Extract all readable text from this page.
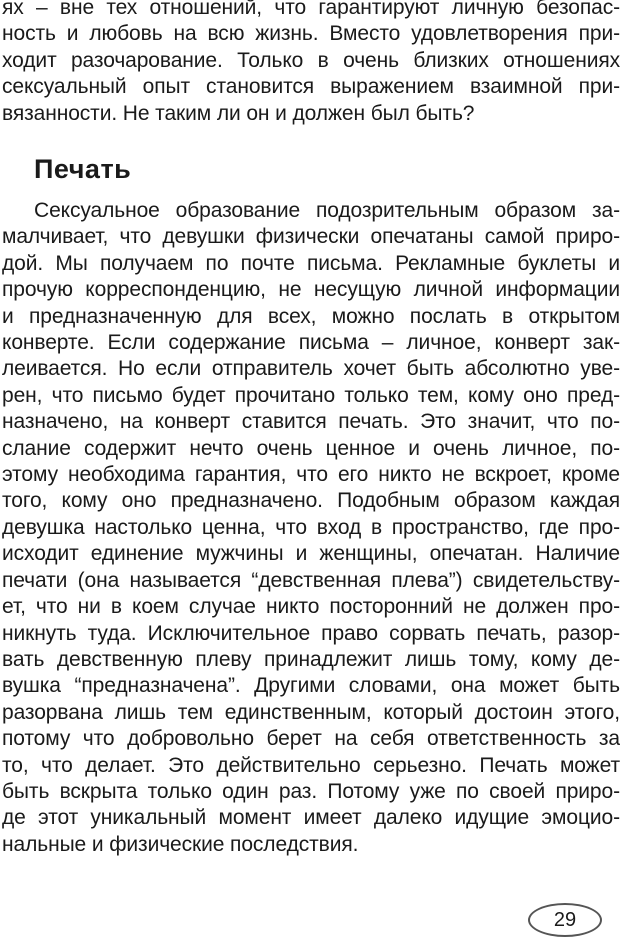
ях – вне тех отношений, что гарантируют личную безопас-
ность и любовь на всю жизнь. Вместо удовлетворения при-
ходит разочарование. Только в очень близких отношениях
сексуальный опыт становится выражением взаимной при-
вязанности. Не таким ли он и должен был быть?
Печать
Сексуальное образование подозрительным образом за-
малчивает, что девушки физически опечатаны самой приро-
дой. Мы получаем по почте письма. Рекламные буклеты и
прочую корреспонденцию, не несущую личной информации
и предназначенную для всех, можно послать в открытом
конверте. Если содержание письма – личное, конверт зак-
леивается. Но если отправитель хочет быть абсолютно уве-
рен, что письмо будет прочитано только тем, кому оно пред-
назначено, на конверт ставится печать. Это значит, что по-
слание содержит нечто очень ценное и очень личное, по-
этому необходима гарантия, что его никто не вскроет, кроме
того, кому оно предназначено. Подобным образом каждая
девушка настолько ценна, что вход в пространство, где про-
исходит единение мужчины и женщины, опечатан. Наличие
печати (она называется “девственная плева”) свидетельству-
ет, что ни в коем случае никто посторонний не должен про-
никнуть туда. Исключительное право сорвать печать, разор-
вать девственную плеву принадлежит лишь тому, кому де-
вушка “предназначена”. Другими словами, она может быть
разорвана лишь тем единственным, который достоин этого,
потому что добровольно берет на себя ответственность за
то, что делает. Это действительно серьезно. Печать может
быть вскрыта только один раз. Потому уже по своей приро-
де этот уникальный момент имеет далеко идущие эмоцио-
нальные и физические последствия.
29
